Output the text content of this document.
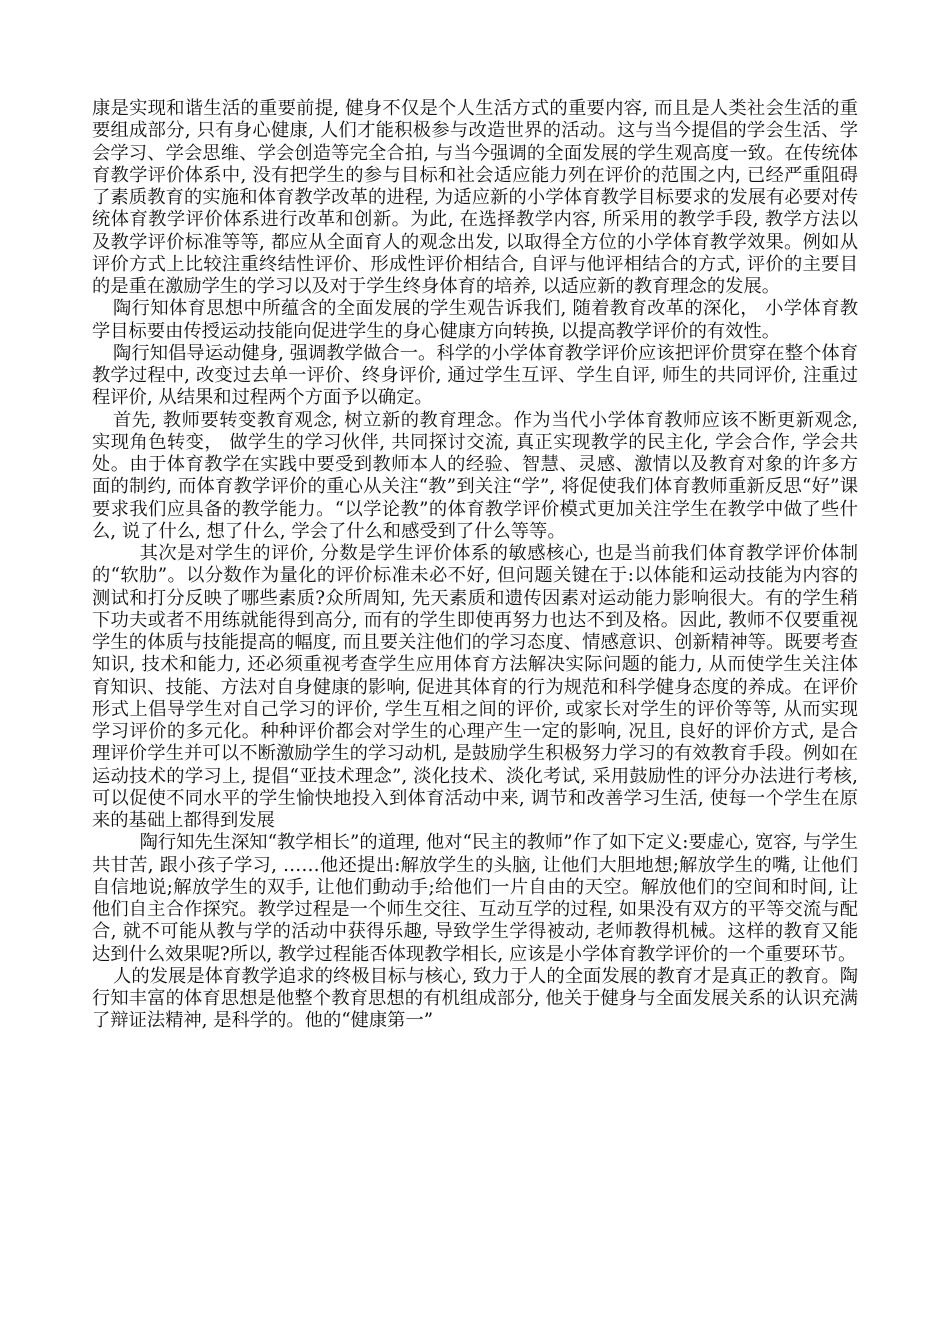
康是实现和谐生活的重要前提, 健身不仅是个人生活方式的重要内容, 而且是人类社会生活的重要组成部分, 只有身心健康, 人们才能积极参与改造世界的活动。这与当今提倡的学会生活、学会学习、学会思维、学会创造等完全合拍, 与当今强调的全面发展的学生观高度一致。在传统体育教学评价体系中, 没有把学生的参与目标和社会适应能力列在评价的范围之内, 已经严重阻碍了素质教育的实施和体育教学改革的进程, 为适应新的小学体育教学目标要求的发展有必要对传统体育教学评价体系进行改革和创新。为此, 在选择教学内容, 所采用的教学手段, 教学方法以及教学评价标准等等, 都应从全面育人的观念出发, 以取得全方位的小学体育教学效果。例如从评价方式上比较注重终结性评价、形成性评价相结合, 自评与他评相结合的方式, 评价的主要目的是重在激励学生的学习以及对于学生终身体育的培养, 以适应新的教育理念的发展。

陶行知体育思想中所蕴含的全面发展的学生观告诉我们, 随着教育改革的深化， 小学体育教学目标要由传授运动技能向促进学生的身心健康方向转换, 以提高教学评价的有效性。

陶行知倡导运动健身, 强调教学做合一。科学的小学体育教学评价应该把评价贯穿在整个体育教学过程中, 改变过去单一评价、终身评价, 通过学生互评、学生自评, 师生的共同评价, 注重过程评价, 从结果和过程两个方面予以确定。

首先, 教师要转变教育观念, 树立新的教育理念。作为当代小学体育教师应该不断更新观念, 实现角色转变， 做学生的学习伙伴, 共同探讨交流, 真正实现教学的民主化, 学会合作, 学会共处。由于体育教学在实践中要受到教师本人的经验、智慧、灵感、激情以及教育对象的许多方面的制约, 而体育教学评价的重心从关注“教”到关注“学”, 将促使我们体育教师重新反思“好”课要求我们应具备的教学能力。“以学论教”的体育教学评价模式更加关注学生在教学中做了些什么, 说了什么, 想了什么, 学会了什么和感受到了什么等等。

其次是对学生的评价, 分数是学生评价体系的敏感核心, 也是当前我们体育教学评价体制的“软肋”。以分数作为量化的评价标准未必不好, 但问题关键在于:以体能和运动技能为内容的测试和打分反映了哪些素质?众所周知, 先天素质和遗传因素对运动能力影响很大。有的学生稍下功夫或者不用练就能得到高分, 而有的学生即使再努力也达不到及格。因此, 教师不仅要重视学生的体质与技能提高的幅度, 而且要关注他们的学习态度、情感意识、创新精神等。既要考查知识, 技术和能力, 还必须重视考查学生应用体育方法解决实际问题的能力, 从而使学生关注体育知识、技能、方法对自身健康的影响, 促进其体育的行为规范和科学健身态度的养成。在评价形式上倡导学生对自己学习的评价, 学生互相之间的评价, 或家长对学生的评价等等, 从而实现学习评价的多元化。种种评价都会对学生的心理产生一定的影响, 况且, 良好的评价方式, 是合理评价学生并可以不断激励学生的学习动机, 是鼓励学生积极努力学习的有效教育手段。例如在运动技术的学习上, 提倡“亚技术理念”, 淡化技术、淡化考试, 采用鼓励性的评分办法进行考核, 可以促使不同水平的学生愉快地投入到体育活动中来, 调节和改善学习生活, 使每一个学生在原来的基础上都得到发展

陶行知先生深知“教学相长”的道理, 他对“民主的教师”作了如下定义:要虚心, 宽容, 与学生共甘苦, 跟小孩子学习, ……他还提出:解放学生的头脑, 让他们大胆地想;解放学生的嘴, 让他们自信地说;解放学生的双手, 让他们動动手;给他们一片自由的天空。解放他们的空间和时间, 让他们自主合作探究。教学过程是一个师生交往、互动互学的过程, 如果没有双方的平等交流与配合, 就不可能从教与学的活动中获得乐趣, 导致学生学得被动, 老师教得机械。这样的教育又能达到什么效果呢?所以, 教学过程能否体现教学相长, 应该是小学体育教学评价的一个重要环节。

人的发展是体育教学追求的终极目标与核心, 致力于人的全面发展的教育才是真正的教育。陶行知丰富的体育思想是他整个教育思想的有机组成部分, 他关于健身与全面发展关系的认识充满了辩证法精神, 是科学的。他的“健康第一”
